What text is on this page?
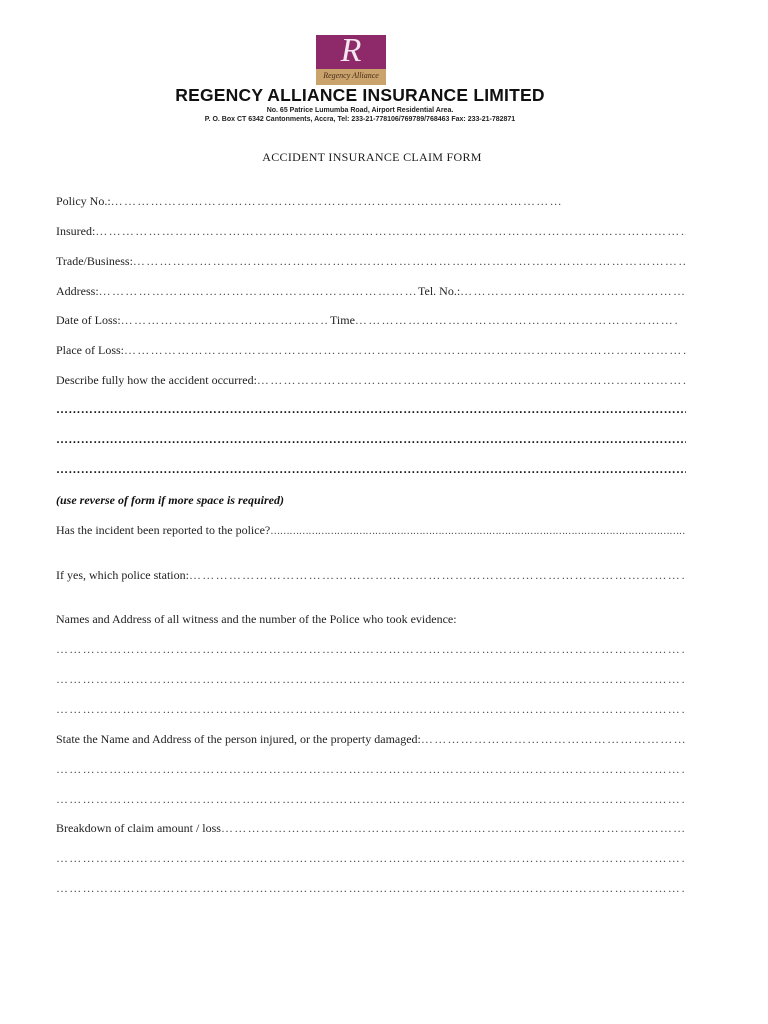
R
Regency Alliance
REGENCY ALLIANCE INSURANCE LIMITED
No. 65 Patrice Lumumba Road, Airport Residential Area.
P. O. Box CT 6342 Cantonments, Accra, Tel: 233-21-778106/769789/768463 Fax: 233-21-782871
ACCIDENT INSURANCE CLAIM FORM
Policy No.:
……………………………………………………………………………………………………………………………………………………………………………………
Insured:
……………………………………………………………………………………………………………………………………………………………………………………
Trade/Business:
……………………………………………………………………………………………………………………………………………………………………………………
Address: ……………………………………………………………………………………………………………………………………………………………………………………	Tel. No.:
……………………………………………………………………………………………………………………………………………………………………………………
Date of Loss: ……………………………………………………………………………………………………………………………………………………………………………………	Time
……………………………………………………………………………………………………………………………………………………………………………………
Place of Loss:
……………………………………………………………………………………………………………………………………………………………………………………
Describe fully how the accident occurred:
……………………………………………………………………………………………………………………………………………………………………………………
……………………………………………………………………………………………………………………………………………………………………………………
……………………………………………………………………………………………………………………………………………………………………………………
……………………………………………………………………………………………………………………………………………………………………………………
(use reverse of form if more space is required)
Has the incident been reported to the police?
……………………………………………………………………………………………………………………………………………………………………………………
If yes, which police station:
……………………………………………………………………………………………………………………………………………………………………………………
Names and Address of all witness and the number of the Police who took evidence:
……………………………………………………………………………………………………………………………………………………………………………………
……………………………………………………………………………………………………………………………………………………………………………………
……………………………………………………………………………………………………………………………………………………………………………………
State the Name and Address of the person injured, or the property damaged:
……………………………………………………………………………………………………………………………………………………………………………………
……………………………………………………………………………………………………………………………………………………………………………………
……………………………………………………………………………………………………………………………………………………………………………………
Breakdown of claim amount / loss
……………………………………………………………………………………………………………………………………………………………………………………
……………………………………………………………………………………………………………………………………………………………………………………
……………………………………………………………………………………………………………………………………………………………………………………
